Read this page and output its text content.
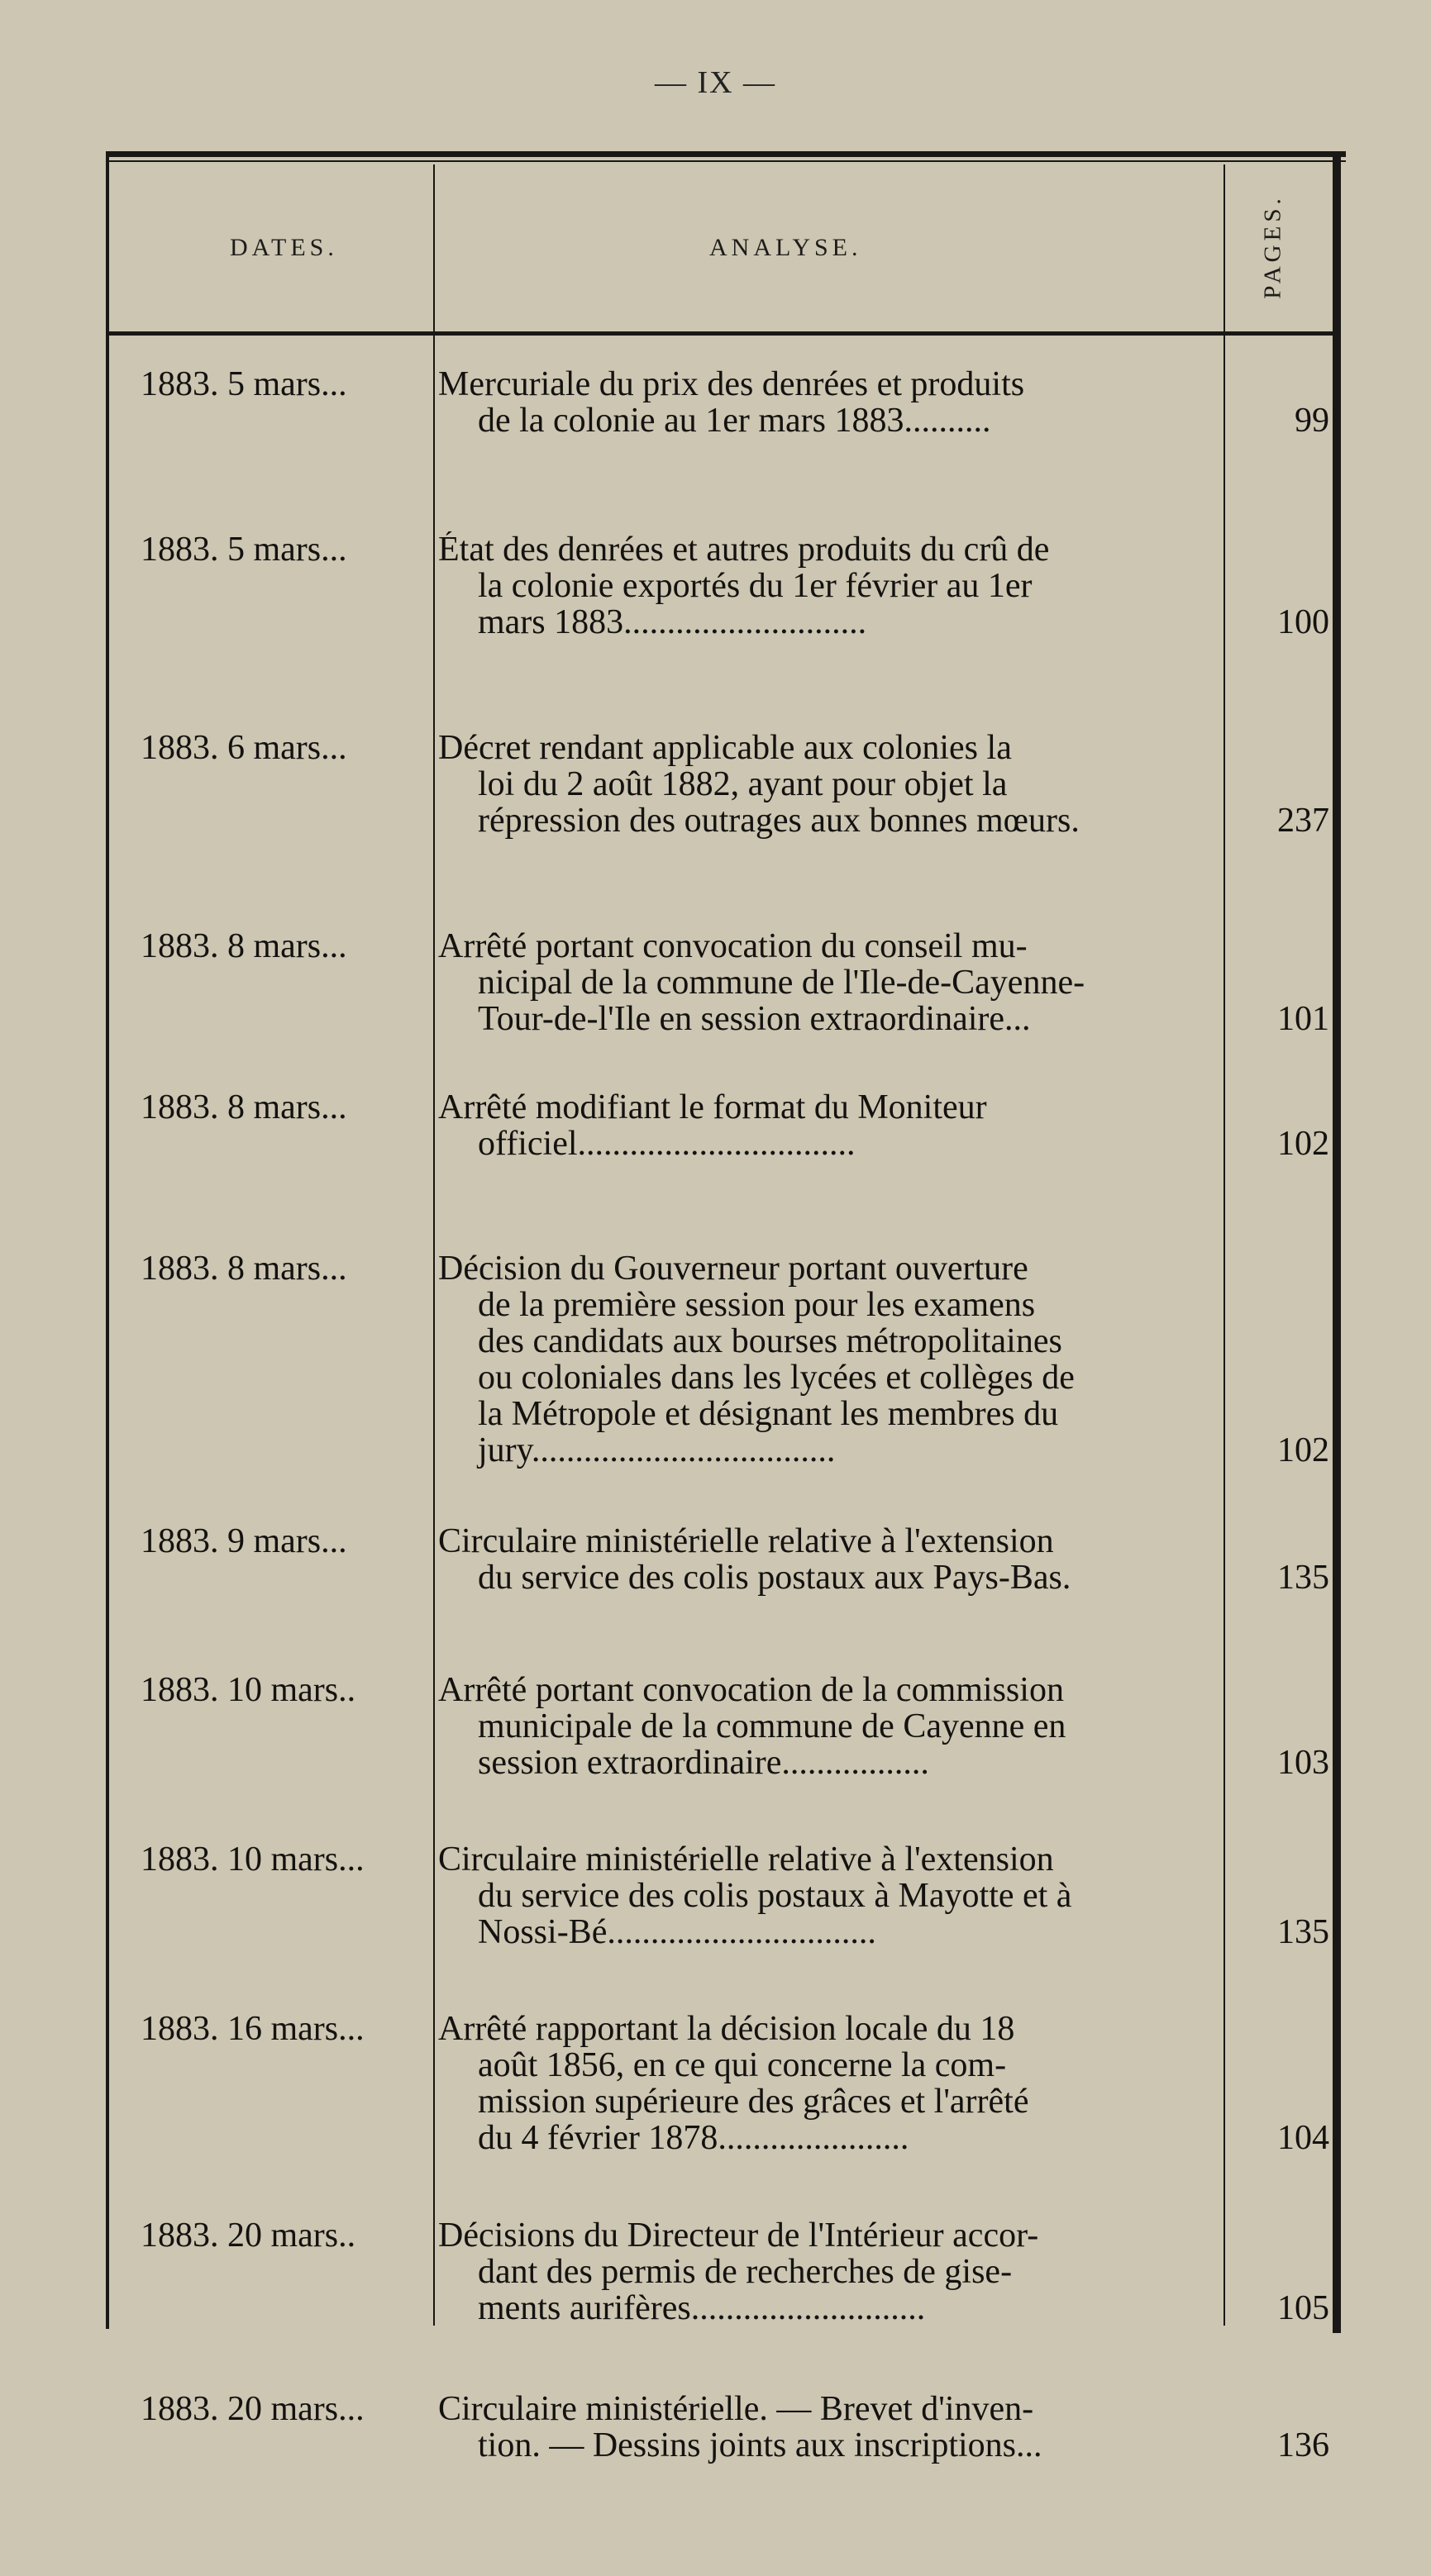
— IX —
DATES.	ANALYSE.	PAGES.
1883. 5 mars...	Mercuriale du prix des denrées et produits
de la colonie au 1er mars 1883..........	99
1883. 5 mars...	État des denrées et autres produits du crû de
la colonie exportés du 1er février au 1er
mars 1883............................	100
1883. 6 mars...	Décret rendant applicable aux colonies la
loi du 2 août 1882, ayant pour objet la
répression des outrages aux bonnes mœurs.	237
1883. 8 mars...	Arrêté portant convocation du conseil mu-
nicipal de la commune de l'Ile-de-Cayenne-
Tour-de-l'Ile en session extraordinaire...	101
1883. 8 mars...	Arrêté modifiant le format du Moniteur
officiel................................	102
1883. 8 mars...	Décision du Gouverneur portant ouverture
de la première session pour les examens
des candidats aux bourses métropolitaines
ou coloniales dans les lycées et collèges de
la Métropole et désignant les membres du
jury...................................	102
1883. 9 mars...	Circulaire ministérielle relative à l'extension
du service des colis postaux aux Pays-Bas.	135
1883. 10 mars.. Arrêté portant convocation de la commission
municipale de la commune de Cayenne en
session extraordinaire.................	103
1883. 10 mars... Circulaire ministérielle relative à l'extension
du service des colis postaux à Mayotte et à
Nossi-Bé...............................	135
1883. 16 mars... Arrêté rapportant la décision locale du 18
août 1856, en ce qui concerne la com-
mission supérieure des grâces et l'arrêté
du 4 février 1878......................	104
1883. 20 mars.. Décisions du Directeur de l'Intérieur accor-
dant des permis de recherches de gise-
ments aurifères...........................	105
1883. 20 mars... Circulaire ministérielle. — Brevet d'inven-
tion. — Dessins joints aux inscriptions...	136
